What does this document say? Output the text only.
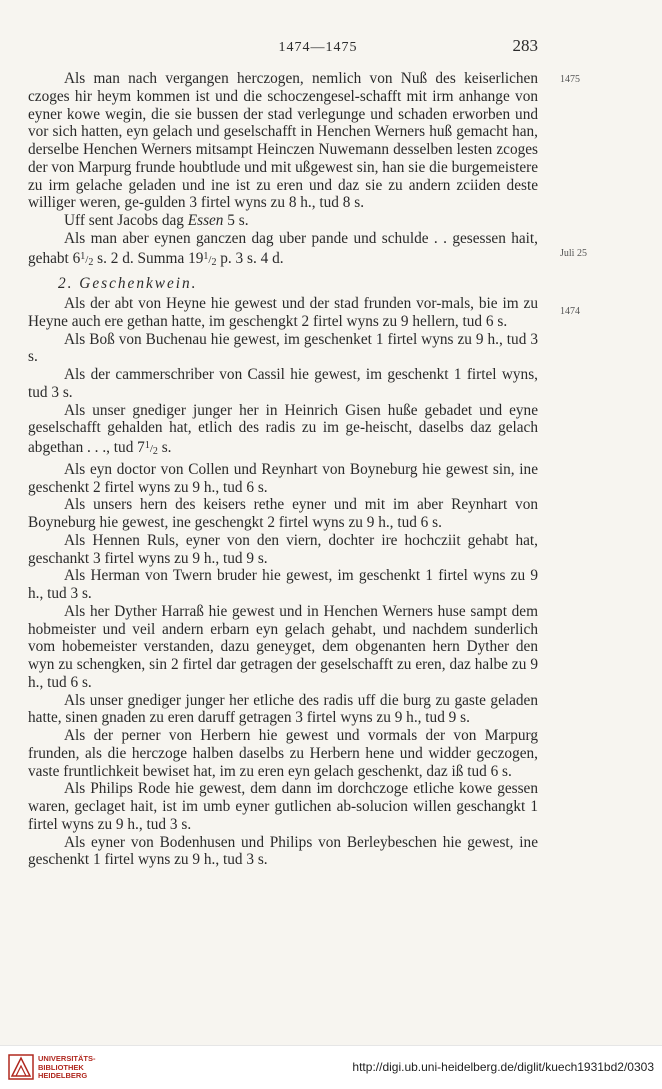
1474—1475	283
1475
Juli 25
1474

Als man nach vergangen herczogen, nemlich von Nuß des keiserlichen czoges hir heym kommen ist und die schoczengesel-schafft mit irm anhange von eyner kowe wegin, die sie bussen der stad verlegunge und schaden erworben und vor sich hatten, eyn gelach und geselschafft in Henchen Werners huß gemacht han, derselbe Henchen Werners mitsampt Heinczen Nuwemann desselben lesten zcoges der von Marpurg frunde houbtlude und mit ußgewest sin, han sie die burgemeistere zu irm gelache geladen und ine ist zu eren und daz sie zu andern zciiden deste williger weren, ge-gulden 3 firtel wyns zu 8 h., tud 8 s.

Uff sent Jacobs dag Essen 5 s.

Als man aber eynen ganczen dag uber pande und schulde . . gesessen hait, gehabt $6^1/_2$ s. 2 d. Summa $19^1/_2$ p. 3 s. 4 d.

2. Geschenkwein.

Als der abt von Heyne hie gewest und der stad frunden vor-mals, bie im zu Heyne auch ere gethan hatte, im geschengkt 2 firtel wyns zu 9 hellern, tud 6 s.

Als Boß von Buchenau hie gewest, im geschenket 1 firtel wyns zu 9 h., tud 3 s.

Als der cammerschriber von Cassil hie gewest, im geschenkt 1 firtel wyns, tud 3 s.

Als unser gnediger junger her in Heinrich Gisen huße gebadet und eyne geselschafft gehalden hat, etlich des radis zu im ge-heischt, daselbs daz gelach abgethan . . ., tud $7^1/_2$ s.

Als eyn doctor von Collen und Reynhart von Boyneburg hie gewest sin, ine geschenkt 2 firtel wyns zu 9 h., tud 6 s.

Als unsers hern des keisers rethe eyner und mit im aber Reynhart von Boyneburg hie gewest, ine geschengkt 2 firtel wyns zu 9 h., tud 6 s.

Als Hennen Ruls, eyner von den viern, dochter ire hochcziit gehabt hat, geschankt 3 firtel wyns zu 9 h., tud 9 s.

Als Herman von Twern bruder hie gewest, im geschenkt 1 firtel wyns zu 9 h., tud 3 s.

Als her Dyther Harraß hie gewest und in Henchen Werners huse sampt dem hobmeister und veil andern erbarn eyn gelach gehabt, und nachdem sunderlich vom hobemeister verstanden, dazu geneyget, dem obgenanten hern Dyther den wyn zu schengken, sin 2 firtel dar getragen der geselschafft zu eren, daz halbe zu 9 h., tud 6 s.

Als unser gnediger junger her etliche des radis uff die burg zu gaste geladen hatte, sinen gnaden zu eren daruff getragen 3 firtel wyns zu 9 h., tud 9 s.

Als der perner von Herbern hie gewest und vormals der von Marpurg frunden, als die herczoge halben daselbs zu Herbern hene und widder geczogen, vaste fruntlichkeit bewiset hat, im zu eren eyn gelach geschenkt, daz iß tud 6 s.

Als Philips Rode hie gewest, dem dann im dorchczoge etliche kowe gessen waren, geclaget hait, ist im umb eyner gutlichen ab-solucion willen geschangkt 1 firtel wyns zu 9 h., tud 3 s.

Als eyner von Bodenhusen und Philips von Berleybeschen hie gewest, ine geschenkt 1 firtel wyns zu 9 h., tud 3 s.

UNIVERSITÄTS-
BIBLIOTHEK
HEIDELBERG
http://digi.ub.uni-heidelberg.de/diglit/kuech1931bd2/0303
